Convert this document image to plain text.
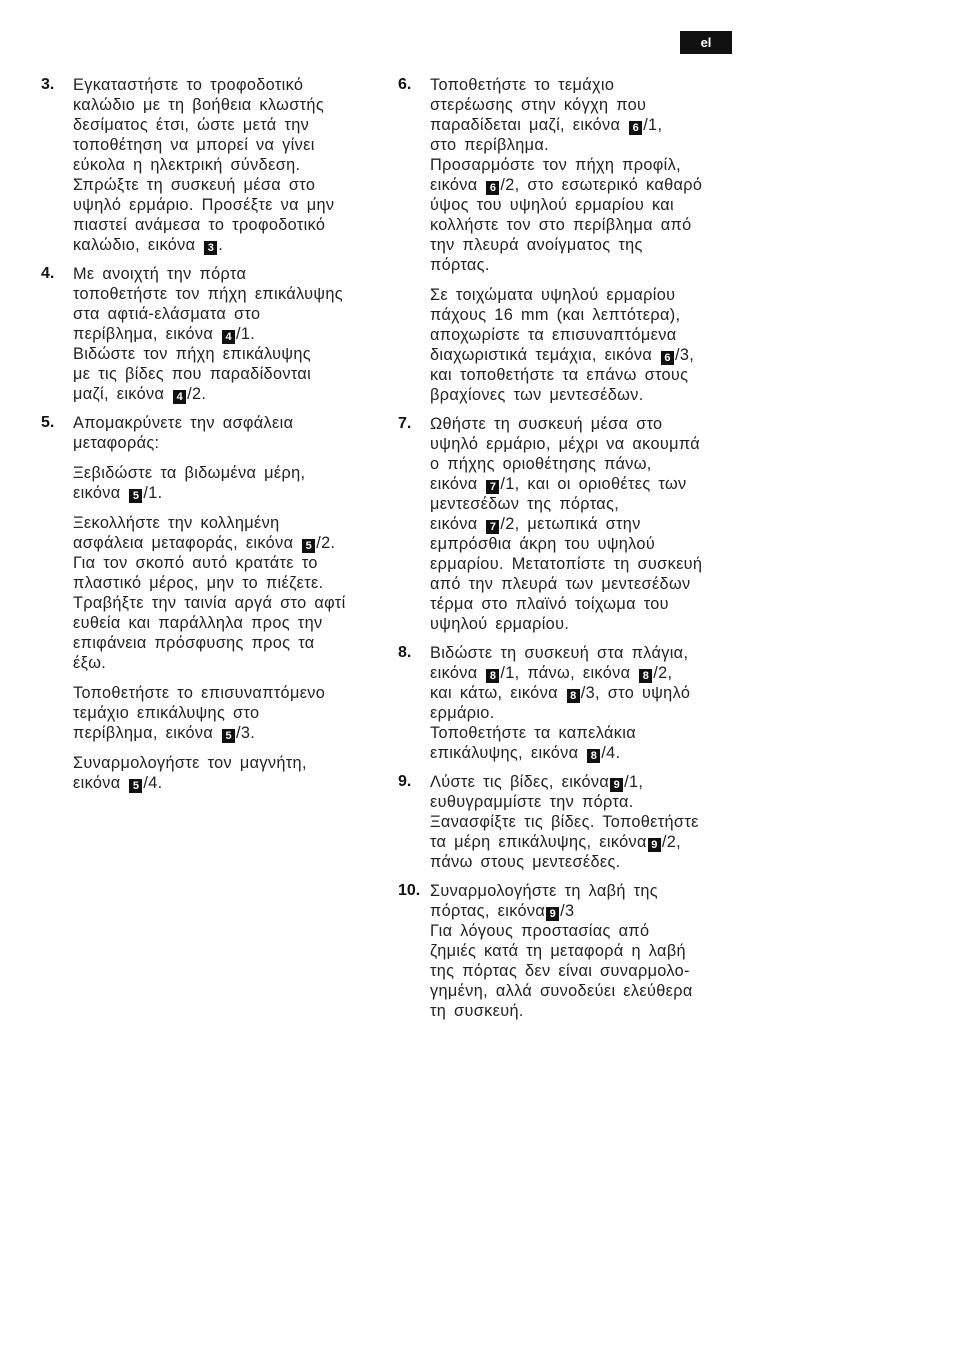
el
3. Εγκαταστήστε το τροφοδοτικό
καλώδιο με τη βοήθεια κλωστής
δεσίματος έτσι, ώστε μετά την
τοποθέτηση να μπορεί να γίνει
εύκολα η ηλεκτρική σύνδεση.
Σπρώξτε τη συσκευή μέσα στο
υψηλό ερμάριο. Προσέξτε να μην
πιαστεί ανάμεσα το τροφοδοτικό
καλώδιο, εικόνα 3 .

4. Με ανοιχτή την πόρτα
τοποθετήστε τον πήχη επικάλυψης
στα αφτιά-ελάσματα στο
περίβλημα, εικόνα 4 /1.
Βιδώστε τον πήχη επικάλυψης
με τις βίδες που παραδίδονται
μαζί, εικόνα 4 /2.

5. Απομακρύνετε την ασφάλεια
μεταφοράς:

Ξεβιδώστε τα βιδωμένα μέρη,
εικόνα 5 /1.

Ξεκολλήστε την κολλημένη
ασφάλεια μεταφοράς, εικόνα 5 /2.
Για τον σκοπό αυτό κρατάτε το
πλαστικό μέρος, μην το πιέζετε.
Τραβήξτε την ταινία αργά στο αφτί
ευθεία και παράλληλα προς την
επιφάνεια πρόσφυσης προς τα
έξω.

Τοποθετήστε το επισυναπτόμενο
τεμάχιο επικάλυψης στο
περίβλημα, εικόνα 5 /3.

Συναρμολογήστε τον μαγνήτη,
εικόνα 5 /4.

6. Τοποθετήστε το τεμάχιο
στερέωσης στην κόγχη που
παραδίδεται μαζί, εικόνα 6 /1,
στο περίβλημα.
Προσαρμόστε τον πήχη προφίλ,
εικόνα 6 /2, στο εσωτερικό καθαρό
ύψος του υψηλού ερμαρίου και
κολλήστε τον στο περίβλημα από
την πλευρά ανοίγματος της
πόρτας.

Σε τοιχώματα υψηλού ερμαρίου
πάχους 16 mm (και λεπτότερα),
αποχωρίστε τα επισυναπτόμενα
διαχωριστικά τεμάχια, εικόνα 6 /3,
και τοποθετήστε τα επάνω στους
βραχίονες των μεντεσέδων.

7. Ωθήστε τη συσκευή μέσα στο
υψηλό ερμάριο, μέχρι να ακουμπά
ο πήχης οριοθέτησης πάνω,
εικόνα 7 /1, και οι οριοθέτες των
μεντεσέδων της πόρτας,
εικόνα 7 /2, μετωπικά στην
εμπρόσθια άκρη του υψηλού
ερμαρίου. Μετατοπίστε τη συσκευή
από την πλευρά των μεντεσέδων
τέρμα στο πλαϊνό τοίχωμα του
υψηλού ερμαρίου.

8. Βιδώστε τη συσκευή στα πλάγια,
εικόνα 8 /1, πάνω, εικόνα 8 /2,
και κάτω, εικόνα 8 /3, στο υψηλό
ερμάριο.
Τοποθετήστε τα καπελάκια
επικάλυψης, εικόνα 8 /4.

9. Λύστε τις βίδες, εικόνα 9 /1,
ευθυγραμμίστε την πόρτα.
Ξανασφίξτε τις βίδες. Τοποθετήστε
τα μέρη επικάλυψης, εικόνα 9 /2,
πάνω στους μεντεσέδες.

10. Συναρμολογήστε τη λαβή της
πόρτας, εικόνα 9 /3
Για λόγους προστασίας από
ζημιές κατά τη μεταφορά η λαβή
της πόρτας δεν είναι συναρμολο-
γημένη, αλλά συνοδεύει ελεύθερα
τη συσκευή.
